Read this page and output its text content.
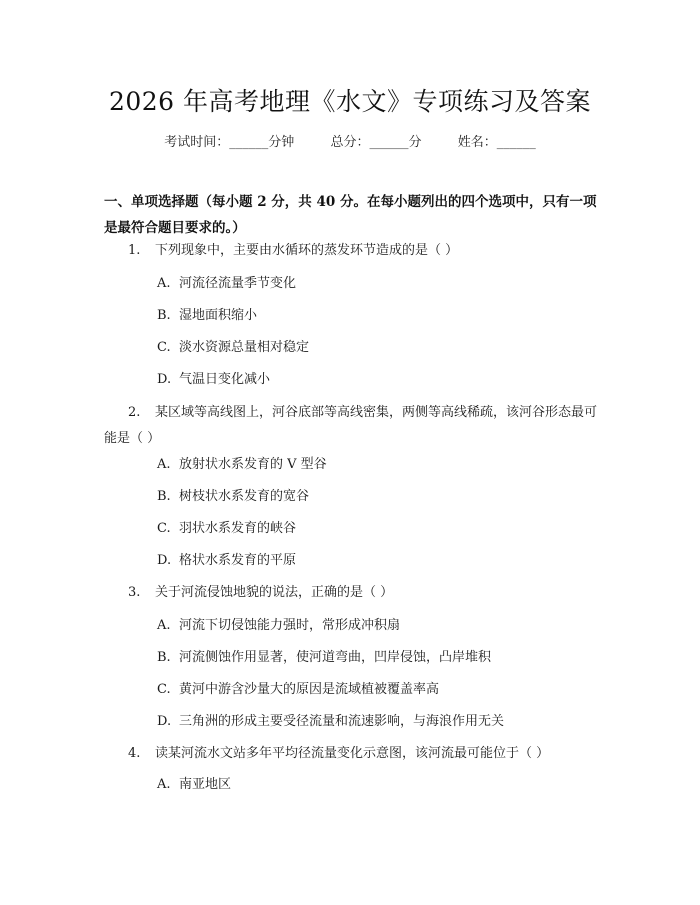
2026 年高考地理《水文》专项练习及答案
考试时间：______分钟	总分：______分	姓名：______
一、单项选择题（每小题 2 分，共 40 分。在每小题列出的四个选项中，只有一项是最符合题目要求的。）
1. 下列现象中，主要由水循环的蒸发环节造成的是（ ）
A. 河流径流量季节变化
B. 湿地面积缩小
C. 淡水资源总量相对稳定
D. 气温日变化减小
2. 某区域等高线图上，河谷底部等高线密集，两侧等高线稀疏，该河谷形态最可能是（ ）
A. 放射状水系发育的 V 型谷
B. 树枝状水系发育的宽谷
C. 羽状水系发育的峡谷
D. 格状水系发育的平原
3. 关于河流侵蚀地貌的说法，正确的是（ ）
A. 河流下切侵蚀能力强时，常形成冲积扇
B. 河流侧蚀作用显著，使河道弯曲，凹岸侵蚀，凸岸堆积
C. 黄河中游含沙量大的原因是流域植被覆盖率高
D. 三角洲的形成主要受径流量和流速影响，与海浪作用无关
4. 读某河流水文站多年平均径流量变化示意图，该河流最可能位于（ ）
A. 南亚地区
